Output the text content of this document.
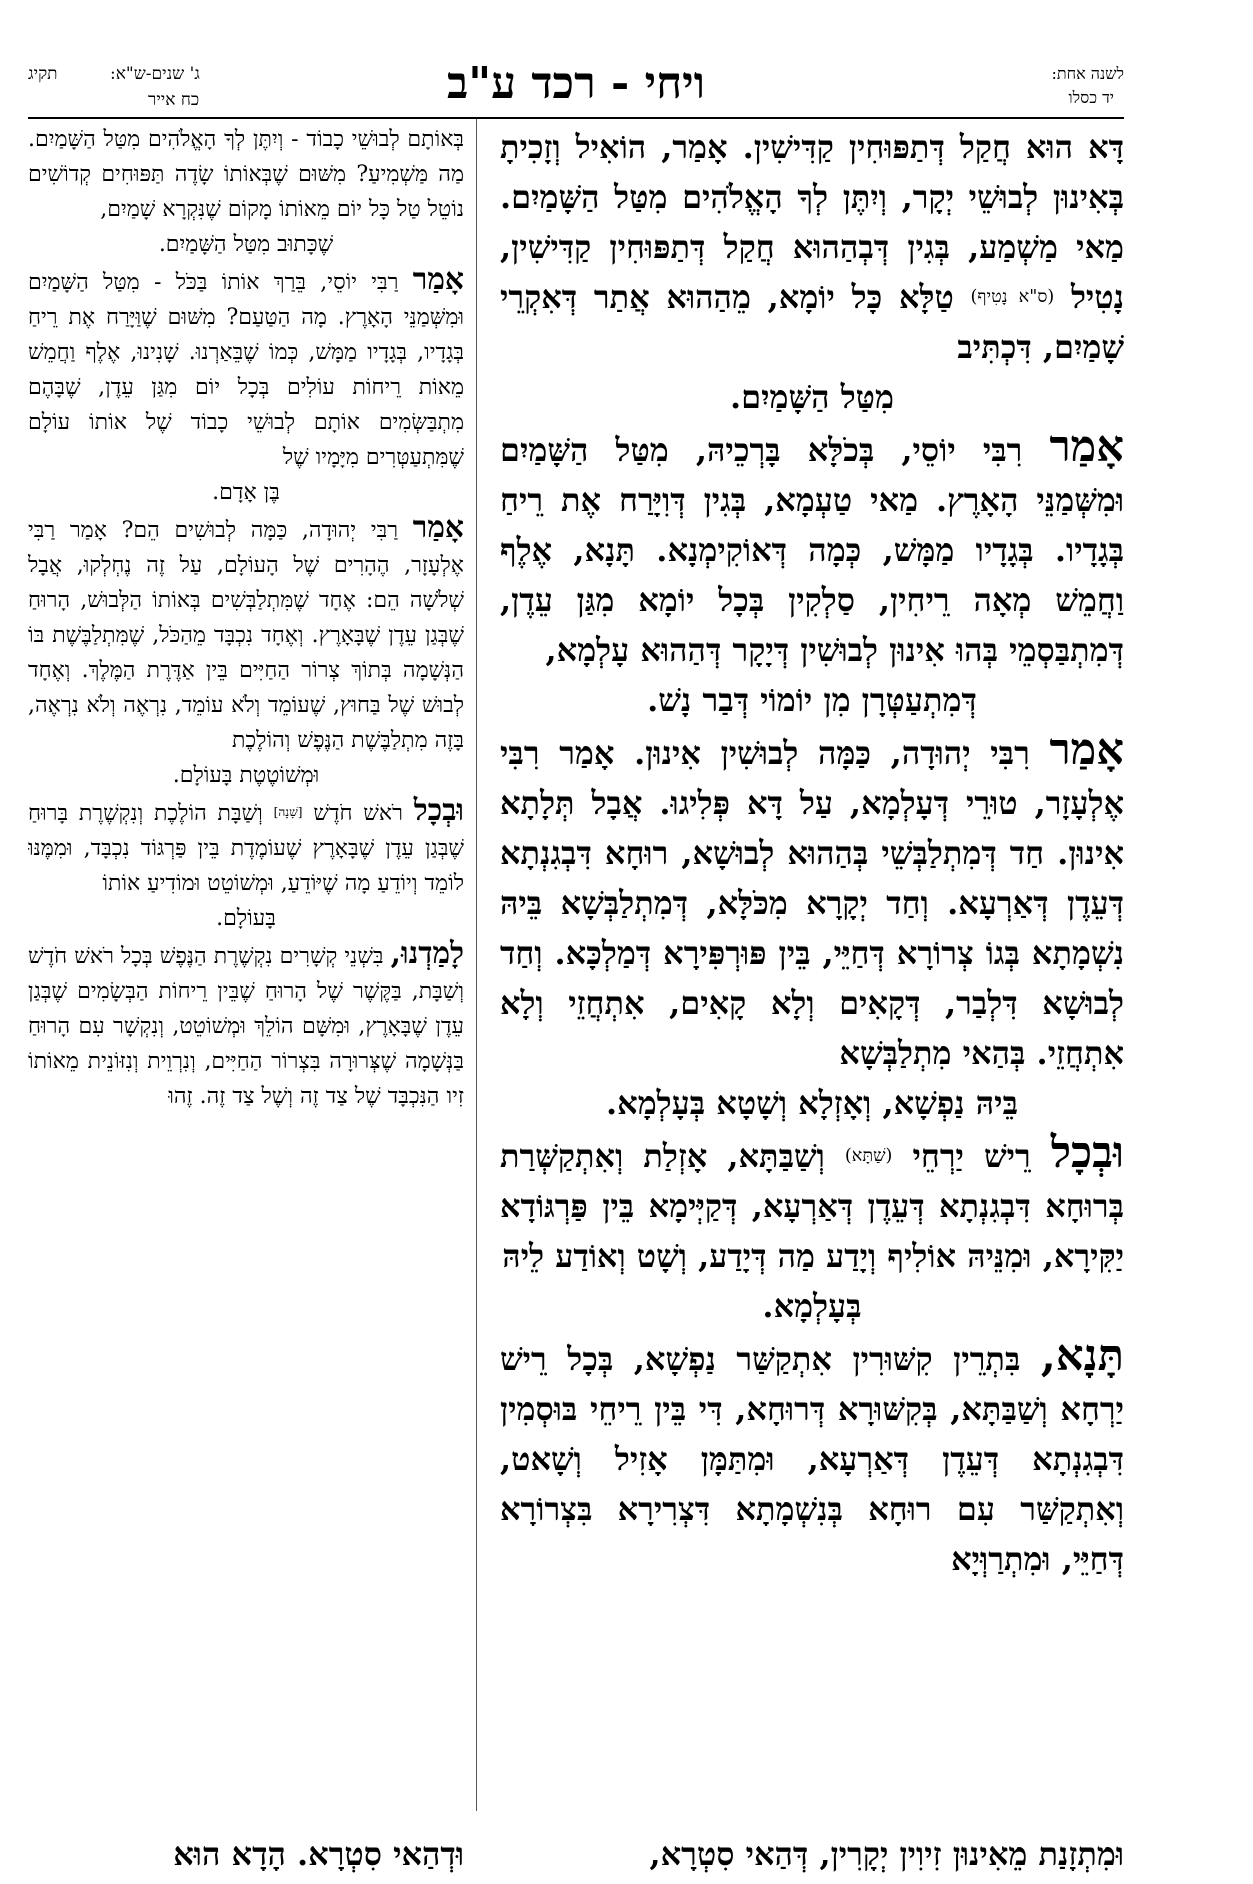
לשנה אחת:
יד כסלו
ויחי - רכד ע"ב
תקיג	ג' שנים-ש"א:
כח אייר

דָּא הוּא חֲקַל דְּתַפּוּחִין קַדִּישִׁין. אָמַר, הוֹאִיל וְזָכִיתָ בְּאִינוּן לְבוּשֵׁי יְקָר, וְיִתֶּן לְךָ הָאֱלֹהִים מִטַּל הַשָּׁמַיִם. מַאי מַשְׁמַע, בְּגִין דְּבְהַהוּא חֲקַל דְּתַפּוּחִין קַדִּישִׁין, נָטִיל (ס"א נָטִיף) טַלָּא כָּל יוֹמָא, מֵהַהוּא אֲתַר דְּאִקְרֵי שָׁמַיִם, דִּכְתִּיב

מִטַּל הַשָּׁמַיִם.

אָמַר רִבִּי יוֹסֵי, בְּכֹלָּא בָּרְכֵיהּ, מִטַּל הַשָּׁמַיִם וּמִשְּׁמַנֵּי הָאָרֶץ. מַאי טַעְמָא, בְּגִין דְּוִיָּרַח אֶת רֵיחַ בְּגָדָיו. בְּגָדָיו מַמָּשׁ, כְּמָה דְּאוֹקִימְנָא. תָּנָא, אֶלֶף וַחֲמֵשׁ מְאָה רֵיחִין, סַלְקִין בְּכָל יוֹמָא מִגַּן עֵדֶן, דְּמִתְבַּסְמֵי בְּהוּ אִינוּן לְבוּשִׁין דְּיָקָר דְּהַהוּא עָלְמָא,

דְּמִתְעַטְּרָן מִן יוֹמוֹי דְּבַר נָשׁ.

אָמַר רִבִּי יְהוּדָה, כַּמָּה לְבוּשִׁין אִינוּן. אָמַר רִבִּי אֶלְעָזָר, טוּרֵי דְּעָלְמָא, עַל דָּא פְּלִיגוּ. אֲבָל תְּלָתָא אִינוּן. חַד דְּמִתְלַבְּשֵׁי בְּהַהוּא לְבוּשָׁא, רוּחָא דִּבְגִנְתָא דְּעֵדֶן דְּאַרְעָא. וְחַד יְקָרָא מִכֹּלָּא, דְּמִתְלַבְּשָׁא בֵּיהּ נִשְׁמָתָא בְּגוֹ צְרוֹרָא דְּחַיֵּי, בֵּין פּוּרְפִּירָא דְּמַלְכָּא. וְחַד לְבוּשָׁא דִּלְבַר, דְּקָאִים וְלָא קָאִים, אִתְחֲזֵי וְלָא אִתְחֲזֵי. בְּהַאי מִתְלַבְּשָׁא

בֵּיהּ נַפְשָׁא, וְאָזְלָא וְשָׁטָא בְּעָלְמָא.

וּבְכָל רֵישׁ יַרְחֵי (שַׁתָּא) וְשַׁבַּתָּא, אָזְלַת וְאִתְקַשְּׁרַת בְּרוּחָא דִּבְגִנְתָא דְּעֵדֶן דְּאַרְעָא, דְּקַיְּימָא בֵּין פַּרְגּוֹדָא יַקִּירָא, וּמִנֵּיהּ אוֹלִיף וְיָדַע מַה דְּיָדַע, וְשָׁט וְאוֹדַע לֵיהּ

בְּעָלְמָא.

תָּנָא, בִּתְרֵין קִשּׁוּרִין אִתְקַשַּׁר נַפְשָׁא, בְּכָל רֵישׁ יַרְחָא וְשַׁבַּתָּא, בְּקִשּׁוּרָא דְּרוּחָא, דִּי בֵּין רֵיחֵי בּוּסְמִין דִּבְגִנְתָא דְּעֵדֶן דְּאַרְעָא, וּמִתַּמָּן אָזִיל וְשָׁאט, וְאִתְקַשַּׁר עִם רוּחָא בְּנִשְׁמָתָא דִּצְרִירָא בִּצְרוֹרָא דְּחַיֵּי, וּמִתְרַוְּיָא

בְּאוֹתָם לְבוּשֵׁי כָבוֹד - וְיִתֶּן לְךָ הָאֱלֹהִים מִטַּל הַשָּׁמַיִם. מַה מַּשְׁמִיעַ? מִשּׁוּם שֶׁבְּאוֹתוֹ שָׂדֶה תַּפּוּחִים קְדוֹשִׁים נוֹטֵל טַל כָּל יוֹם מֵאוֹתוֹ מָקוֹם שֶׁנִּקְרָא שָׁמַיִם,

שֶׁכָּתוּב מִטַּל הַשָּׁמַיִם.

אָמַר רַבִּי יוֹסֵי, בֵּרַךְ אוֹתוֹ בַּכֹּל - מִטַּל הַשָּׁמַיִם וּמִשְּׁמַנֵּי הָאָרֶץ. מָה הַטַּעַם? מִשּׁוּם שֶׁוַּיָּרַח אֶת רֵיחַ בְּגָדָיו, בְּגָדָיו מַמָּשׁ, כְּמוֹ שֶׁבֵּאַרְנוּ. שָׁנִינוּ, אֶלֶף וַחֲמֵשׁ מֵאוֹת רֵיחוֹת עוֹלִים בְּכָל יוֹם מִגַּן עֵדֶן, שֶׁבָּהֶם מִתְבַּשְּׂמִים אוֹתָם לְבוּשֵׁי כָבוֹד שֶׁל אוֹתוֹ עוֹלָם שֶׁמִּתְעַטְּרִים מִיָּמָיו שֶׁל

בֶּן אָדָם.

אָמַר רַבִּי יְהוּדָה, כַּמָּה לְבוּשִׁים הֵם? אָמַר רַבִּי אֶלְעָזָר, הֶהָרִים שֶׁל הָעוֹלָם, עַל זֶה נֶחְלְקוּ, אֲבָל שְׁלֹשָׁה הֵם: אֶחָד שֶׁמִּתְלַבְּשִׁים בְּאוֹתוֹ הַלְּבוּשׁ, הָרוּחַ שֶׁבְּגַן עֵדֶן שֶׁבָּאָרֶץ. וְאֶחָד נִכְבָּד מֵהַכֹּל, שֶׁמִּתְלַבֶּשֶׁת בּוֹ הַנְּשָׁמָה בְּתוֹךְ צְרוֹר הַחַיִּים בֵּין אַדֶּרֶת הַמֶּלֶךְ. וְאֶחָד לְבוּשׁ שֶׁל בַּחוּץ, שֶׁעוֹמֵד וְלֹא עוֹמֵד, נִרְאֶה וְלֹא נִרְאֶה, בָּזֶה מִתְלַבֶּשֶׁת הַנֶּפֶשׁ וְהוֹלֶכֶת

וּמְשׁוֹטֶטֶת בָּעוֹלָם.

וּבְכָל רֹאשׁ חֹדֶשׁ [שָׁנָה] וְשַׁבָּת הוֹלֶכֶת וְנִקְשֶׁרֶת בָּרוּחַ שֶׁבְּגַן עֵדֶן שֶׁבָּאָרֶץ שֶׁעוֹמֶדֶת בֵּין פַּרְגּוֹד נִכְבָּד, וּמִמֶּנּוּ לוֹמֵד וְיוֹדֵעַ מָה שֶׁיּוֹדֵעַ, וּמְשׁוֹטֵט וּמוֹדִיעַ אוֹתוֹ

בָּעוֹלָם.

לָמַדְנוּ, בִּשְׁנֵי קְשָׁרִים נִקְשֶׁרֶת הַנֶּפֶשׁ בְּכָל רֹאשׁ חֹדֶשׁ וְשַׁבָּת, בַּקֶּשֶׁר שֶׁל הָרוּחַ שֶׁבֵּין רֵיחוֹת הַבְּשָׂמִים שֶׁבְּגַן עֵדֶן שֶׁבָּאָרֶץ, וּמִשָּׁם הוֹלֵךְ וּמְשׁוֹטֵט, וְנִקְשָׁר עִם הָרוּחַ בַּנְּשָׁמָה שֶׁצְּרוּרָה בִּצְרוֹר הַחַיִּים, וְנִרְוֵית וְנִזּוֹנֵית מֵאוֹתוֹ זִיו הַנִּכְבָּד שֶׁל צַד זֶה וְשֶׁל צַד זֶה. זֶהוּ

וּמִתְזָנַת מֵאִינוּן זִיוִין יְקָרִין, דְּהַאי סִטְרָא,
וּדְהַאי סִטְרָא. הָדָא הוּא
